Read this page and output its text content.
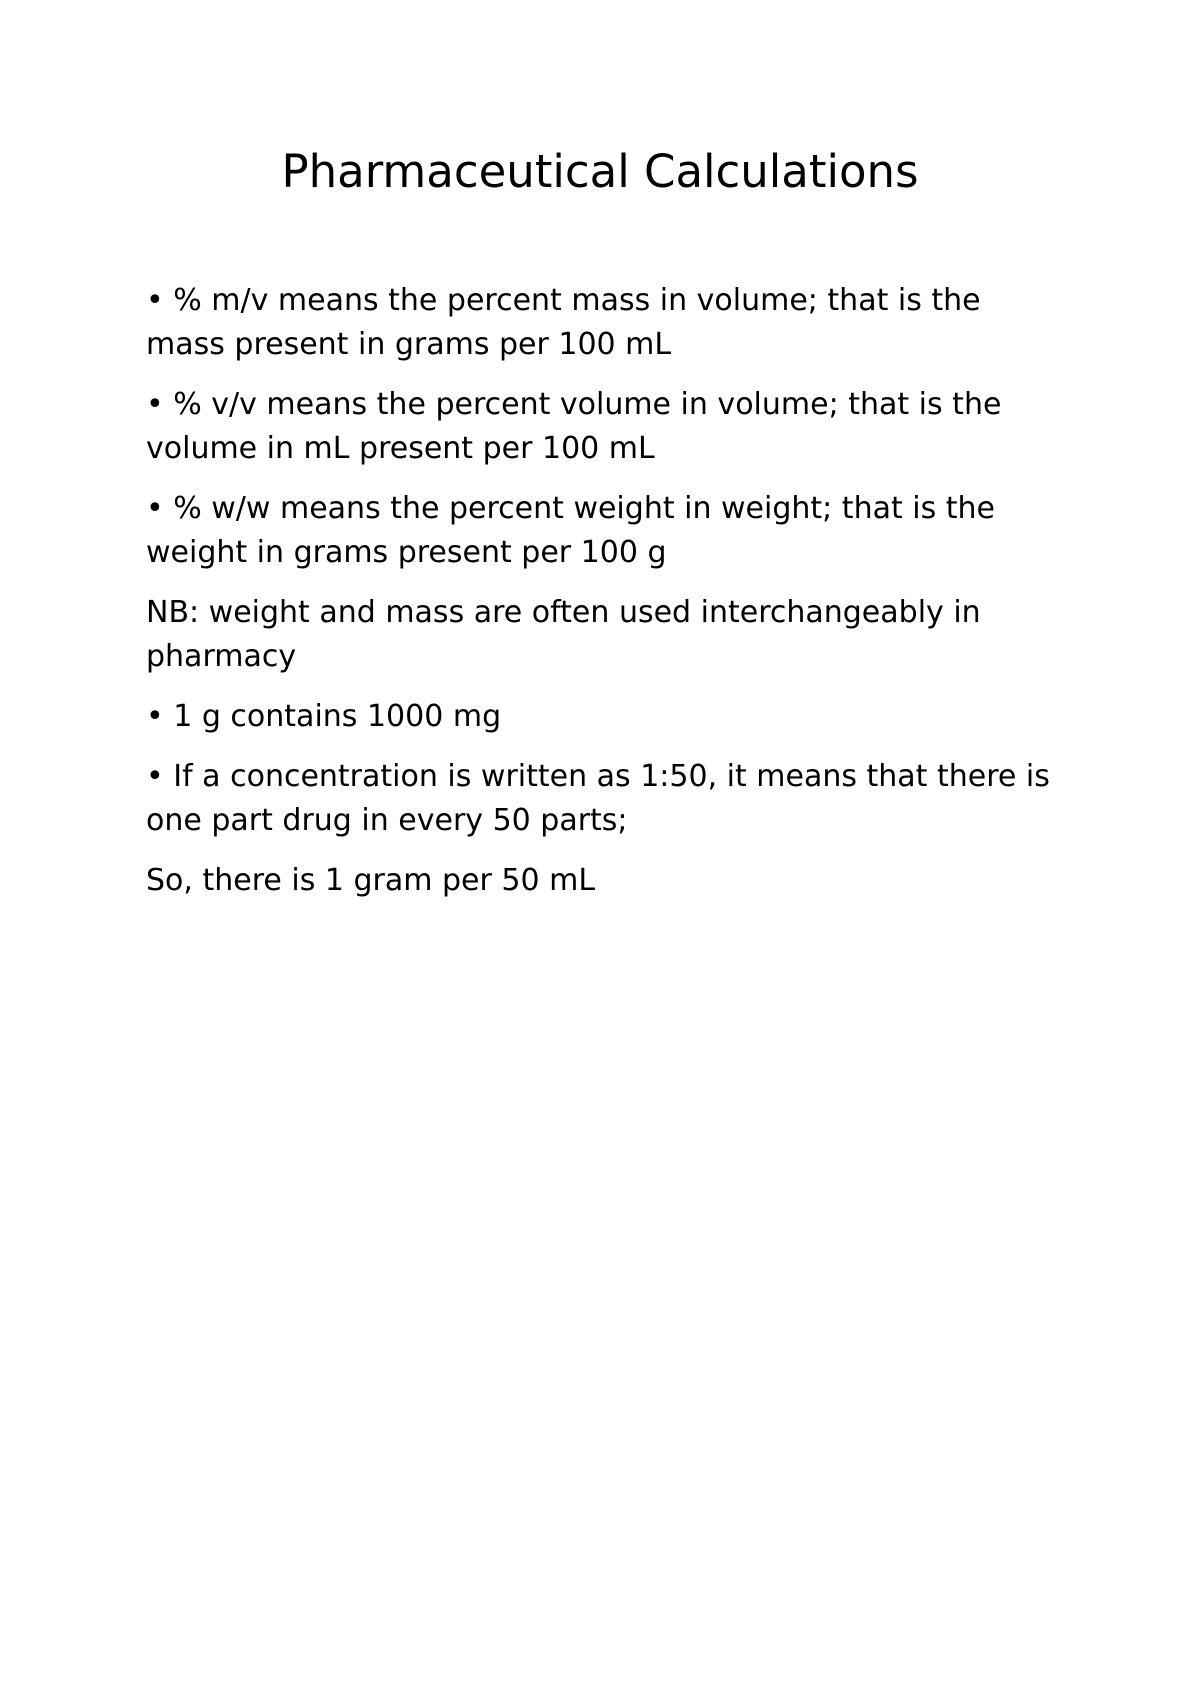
Pharmaceutical Calculations

• % m/v means the percent mass in volume; that is the mass present in grams per 100 mL

• % v/v means the percent volume in volume; that is the volume in mL present per 100 mL

• % w/w means the percent weight in weight; that is the weight in grams present per 100 g

NB: weight and mass are often used interchangeably in pharmacy

• 1 g contains 1000 mg

• If a concentration is written as 1:50, it means that there is one part drug in every 50 parts;

So, there is 1 gram per 50 mL
